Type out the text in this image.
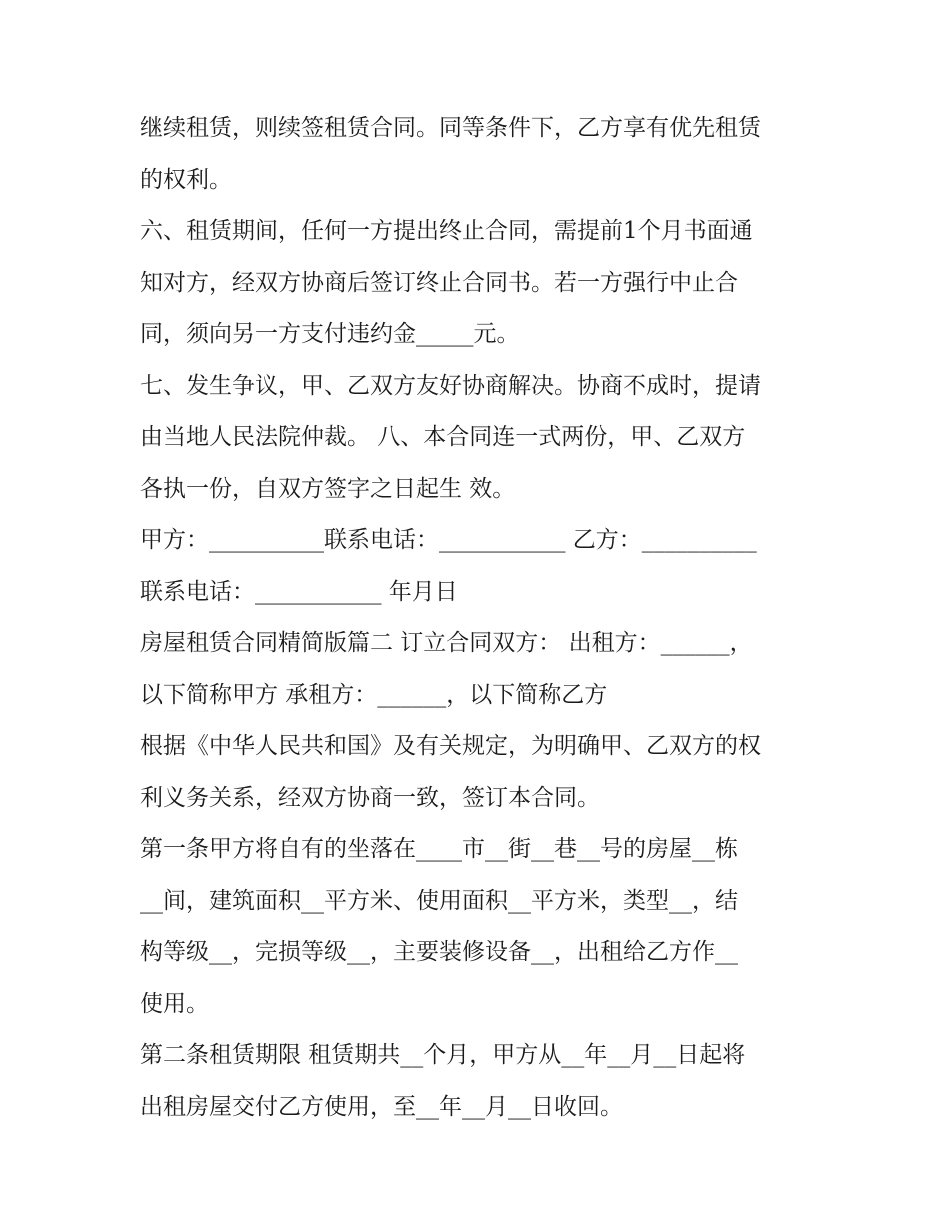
继续租赁，则续签租赁合同。同等条件下，乙方享有优先租赁
的权利。
六、租赁期间，任何一方提出终止合同，需提前1个月书面通
知对方，经双方协商后签订终止合同书。若一方强行中止合
同，须向另一方支付违约金_____元。
七、发生争议，甲、乙双方友好协商解决。协商不成时，提请
由当地人民法院仲裁。 八、本合同连一式两份，甲、乙双方
各执一份，自双方签字之日起生 效。
甲方：__________联系电话：___________ 乙方：__________
联系电话：___________ 年月日
房屋租赁合同精简版篇二 订立合同双方： 出租方：______，
以下简称甲方 承租方：______，以下简称乙方
根据《中华人民共和国》及有关规定，为明确甲、乙双方的权
利义务关系，经双方协商一致，签订本合同。
第一条甲方将自有的坐落在____市__街__巷__号的房屋__栋
__间，建筑面积__平方米、使用面积__平方米，类型__，结
构等级__，完损等级__，主要装修设备__，出租给乙方作__
使用。
第二条租赁期限 租赁期共__个月，甲方从__年__月__日起将
出租房屋交付乙方使用，至__年__月__日收回。
